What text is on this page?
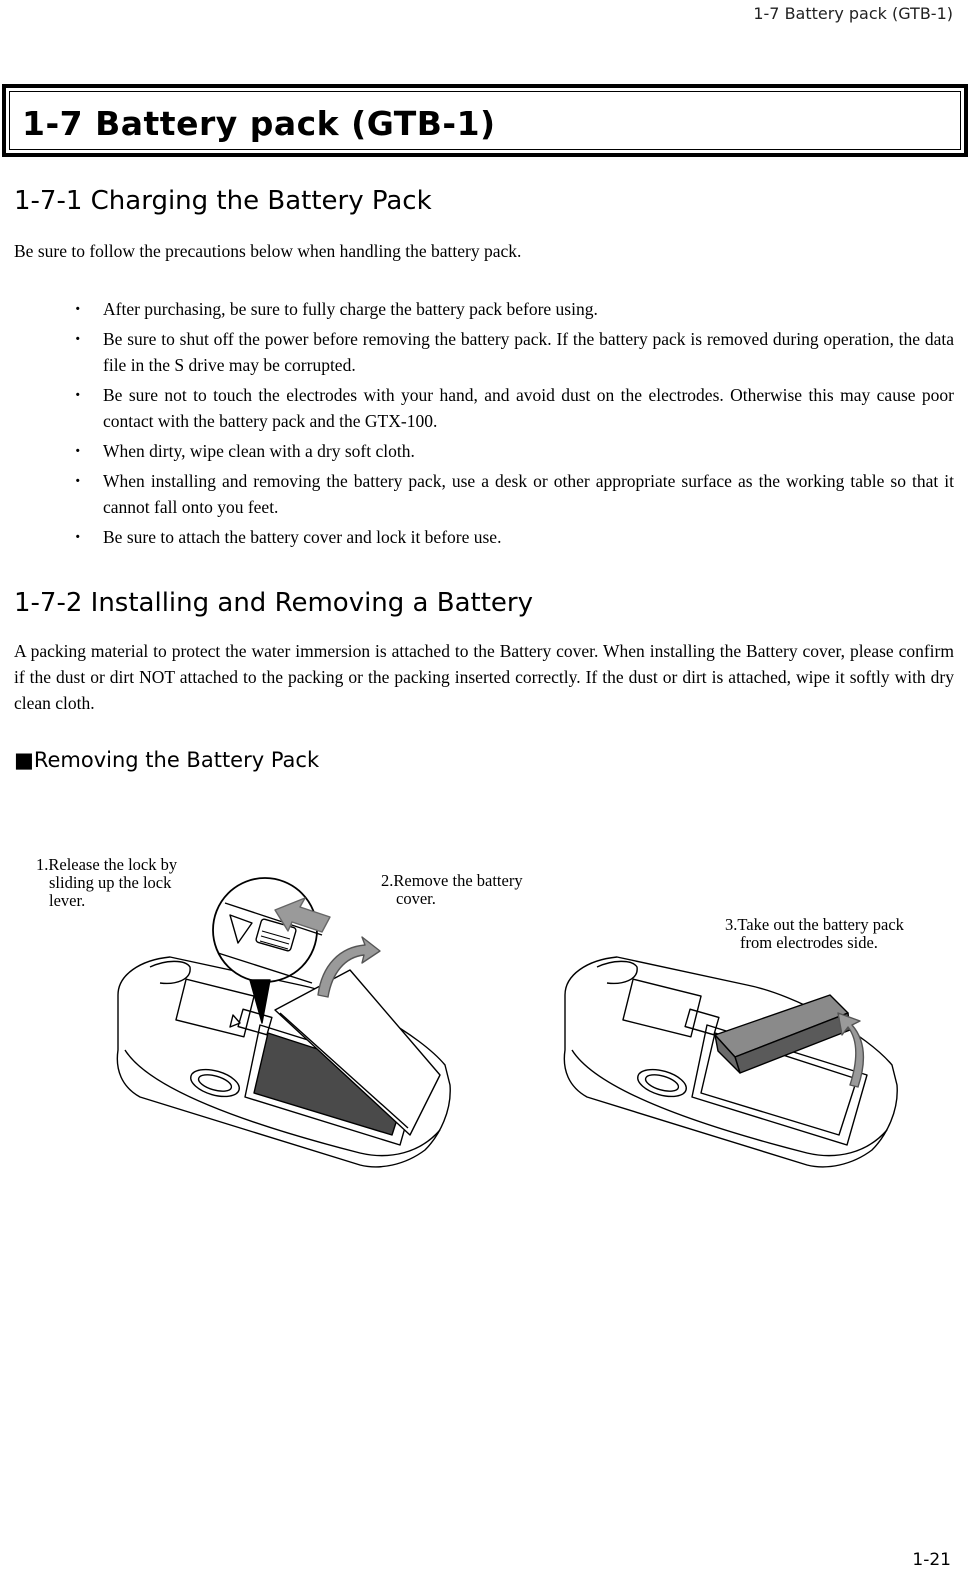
1-7 Battery pack (GTB-1)
1-7 Battery pack (GTB-1)
1-7-1 Charging the Battery Pack

Be sure to follow the precautions below when handling the battery pack.

・ After purchasing, be sure to fully charge the battery pack before using.
・ Be sure to shut off the power before removing the battery pack. If the battery pack is removed during operation, the data file in the S drive may be corrupted.
・ Be sure not to touch the electrodes with your hand, and avoid dust on the electrodes. Otherwise this may cause poor contact with the battery pack and the GTX-100.
・ When dirty, wipe clean with a dry soft cloth.
・ When installing and removing the battery pack, use a desk or other appropriate surface as the working table so that it cannot fall onto you feet.
・ Be sure to attach the battery cover and lock it before use.
1-7-2 Installing and Removing a Battery

A packing material to protect the water immersion is attached to the Battery cover. When installing the Battery cover, please confirm if the dust or dirt NOT attached to the packing or the packing inserted correctly. If the dust or dirt is attached, wipe it softly with dry clean cloth.

■Removing the Battery Pack

1.Release the lock by
sliding up the lock
lever.

2.Remove the battery
cover.

3.Take out the battery pack
from electrodes side.

1-21
